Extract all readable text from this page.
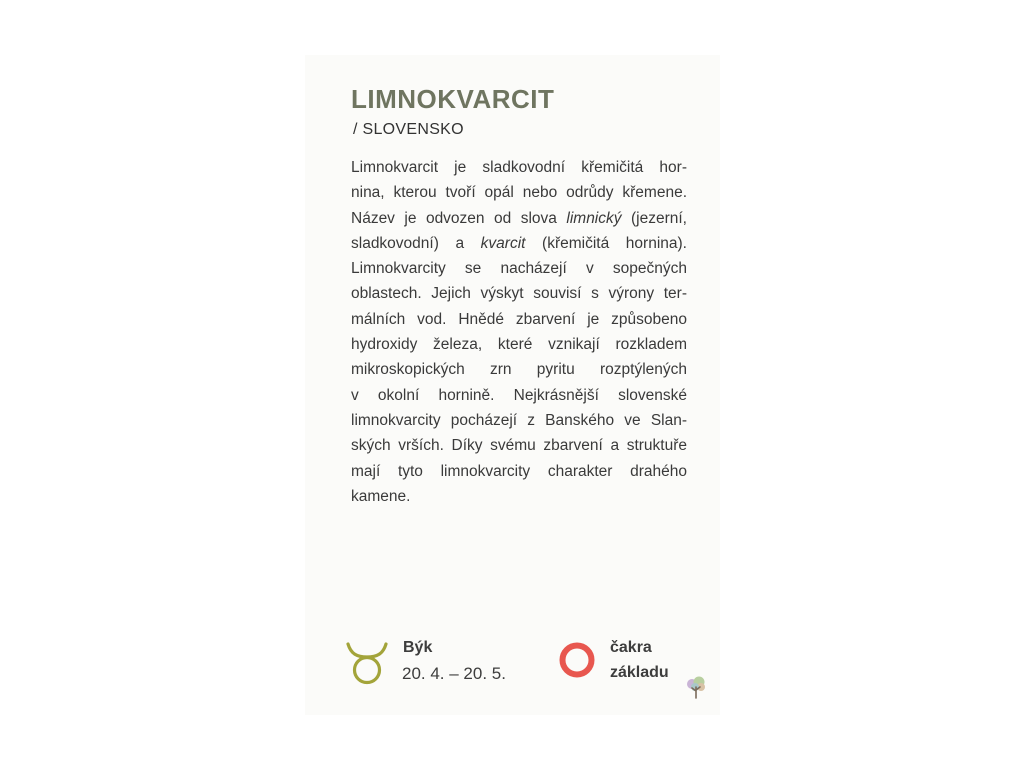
LIMNOKVARCIT
/ SLOVENSKO

Limnokvarcit je sladkovodní křemičitá hor-
nina, kterou tvoří opál nebo odrůdy křemene.
Název je odvozen od slova limnický (jezerní,
sladkovodní) a kvarcit (křemičitá hornina).
Limnokvarcity se nacházejí v sopečných
oblastech. Jejich výskyt souvisí s výrony ter-
málních vod. Hnědé zbarvení je způsobeno
hydroxidy železa, které vznikají rozkladem
mikroskopických zrn pyritu rozptýlených
v okolní hornině. Nejkrásnější slovenské
limnokvarcity pocházejí z Banského ve Slan-
ských vrších. Díky svému zbarvení a struktuře
mají tyto limnokvarcity charakter drahého
kamene.

Býk
20. 4. – 20. 5.
čakra
základu
